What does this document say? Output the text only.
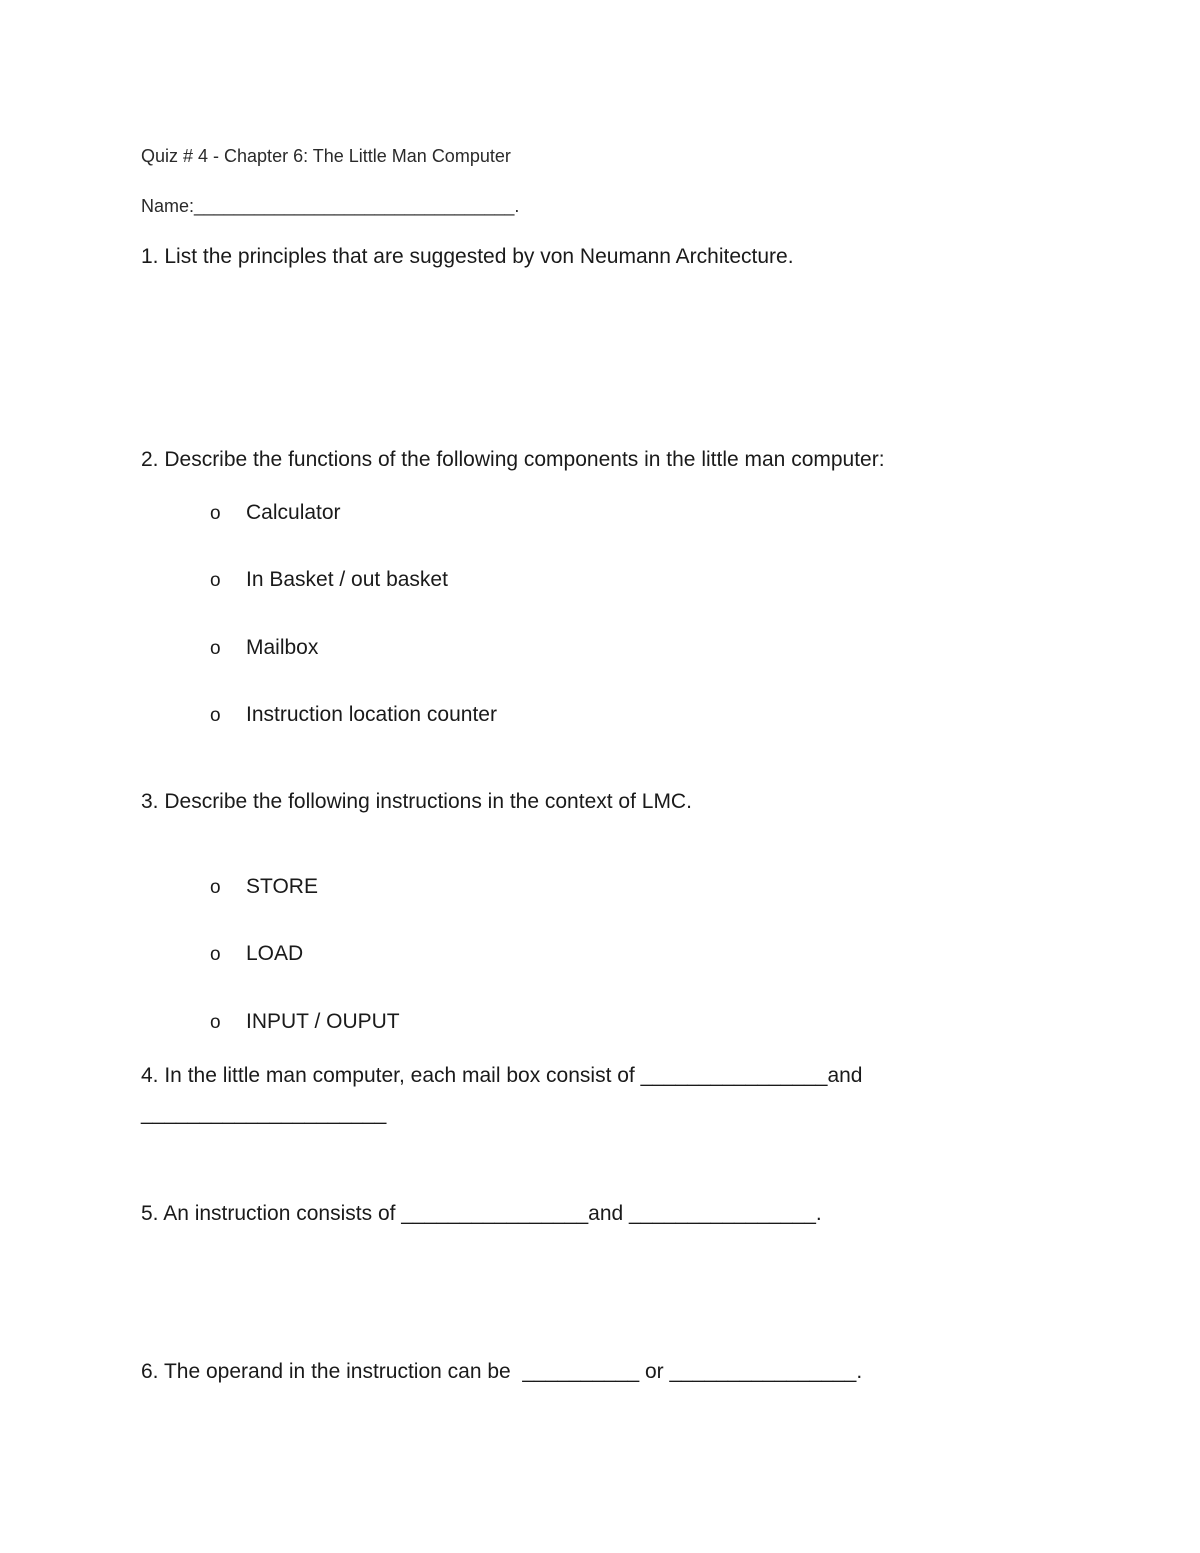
Quiz # 4 - Chapter 6: The Little Man Computer
Name:________________________________.
1. List the principles that are suggested by von Neumann Architecture.
2. Describe the functions of the following components in the little man computer:
o Calculator
o In Basket / out basket
o Mailbox
o Instruction location counter
3. Describe the following instructions in the context of LMC.
o STORE
o LOAD
o INPUT / OUPUT
4. In the little man computer, each mail box consist of ________________and
_____________________
5. An instruction consists of ________________and ________________.
6. The operand in the instruction can be  __________ or ________________.
